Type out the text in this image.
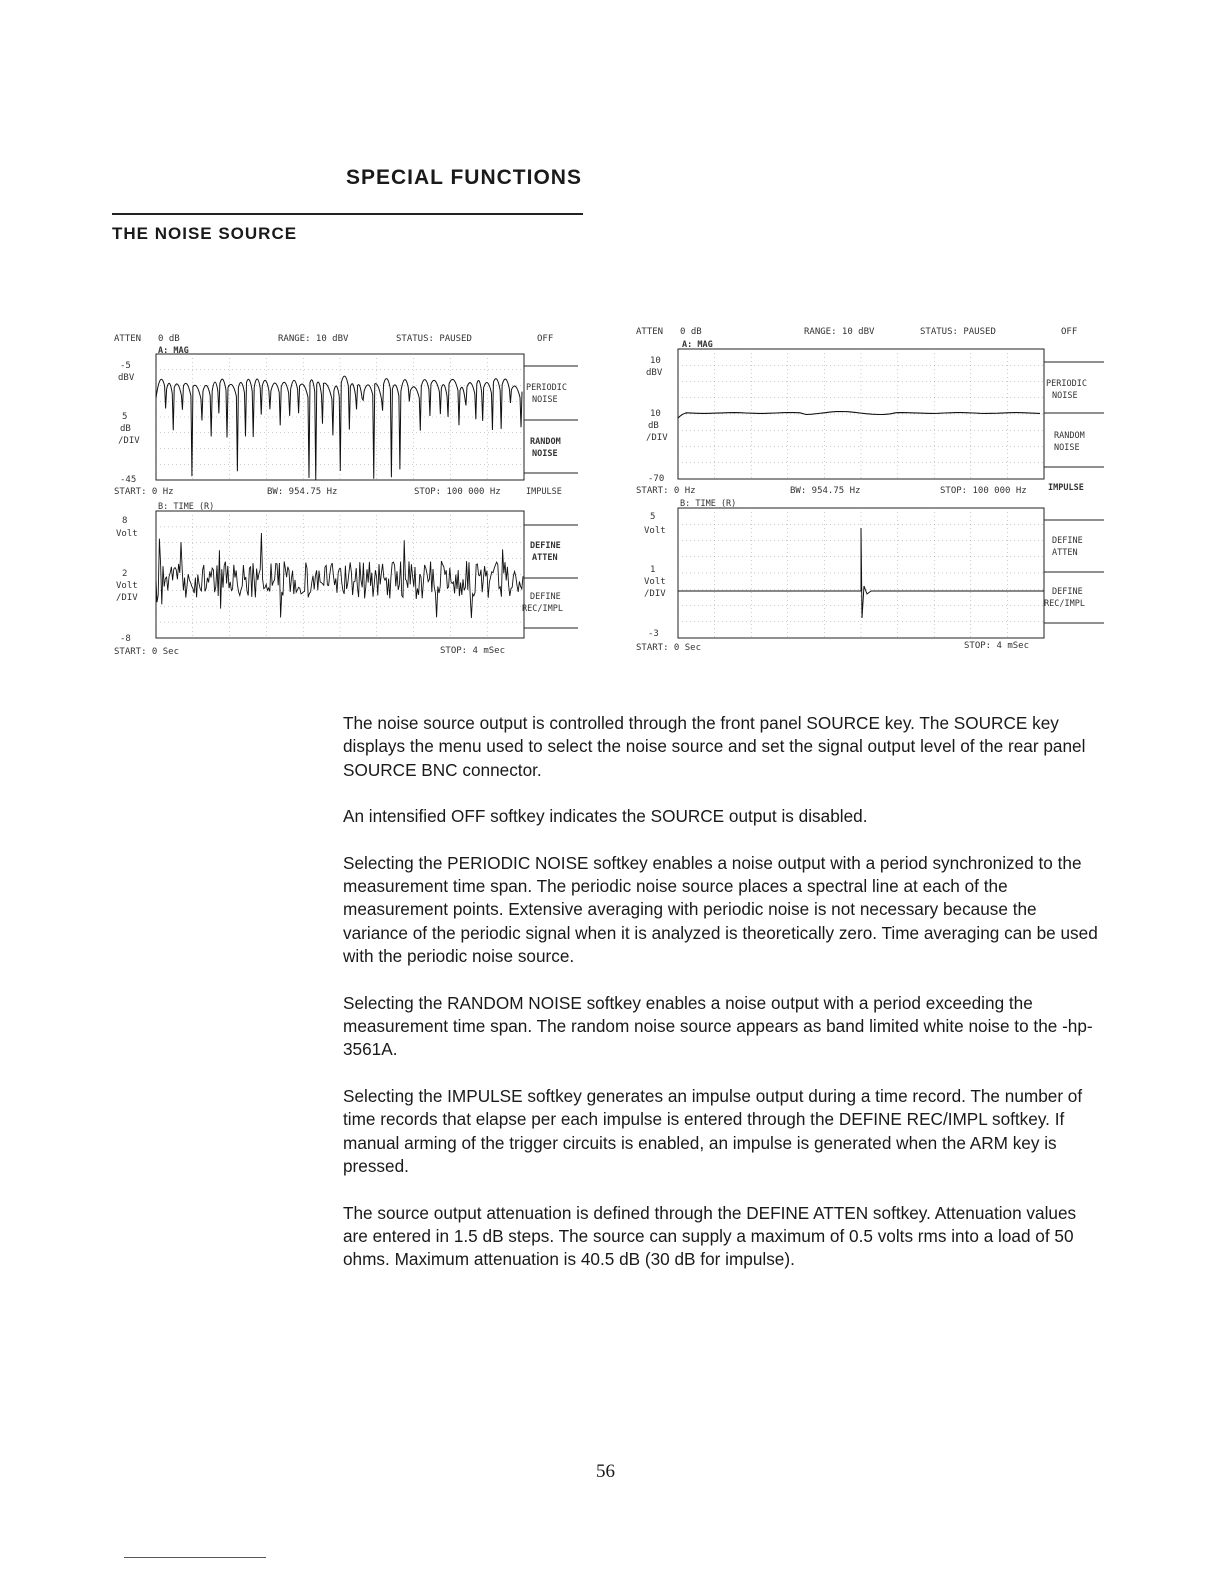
SPECIAL FUNCTIONS
THE NOISE SOURCE
ATTEN 0 dB	RANGE: 10 dBV	STATUS: PAUSED	OFF
A: MAG
-5
dBV
5
dB
/DIV
-45
START: 0 Hz	BW: 954.75 Hz	STOP: 100 000 Hz
B: TIME (R)
8
Volt
2
Volt
/DIV
-8
START: 0 Sec	STOP: 4 mSec
PERIODIC
NOISE
RANDOM
NOISE
IMPULSE
DEFINE
ATTEN
DEFINE
REC/IMPL
ATTEN 0 dB	RANGE: 10 dBV	STATUS: PAUSED	OFF
A: MAG
10
dBV
10
dB
/DIV
-70
START: 0 Hz	BW: 954.75 Hz	STOP: 100 000 Hz
B: TIME (R)
5
Volt
1
Volt
/DIV
-3
START: 0 Sec	STOP: 4 mSec
PERIODIC
NOISE
RANDOM
NOISE
IMPULSE
DEFINE
ATTEN
DEFINE
REC/IMPL

The noise source output is controlled through the front panel SOURCE key. The SOURCE key displays the menu used to select the noise source and set the signal output level of the rear panel SOURCE BNC connector.

An intensified OFF softkey indicates the SOURCE output is disabled.

Selecting the PERIODIC NOISE softkey enables a noise output with a period synchronized to the measurement time span. The periodic noise source places a spectral line at each of the measurement points. Extensive averaging with periodic noise is not necessary because the variance of the periodic signal when it is analyzed is theoretically zero. Time averaging can be used with the periodic noise source.

Selecting the RANDOM NOISE softkey enables a noise output with a period exceeding the measurement time span. The random noise source appears as band limited white noise to the -hp-3561A.

Selecting the IMPULSE softkey generates an impulse output during a time record. The number of time records that elapse per each impulse is entered through the DEFINE REC/IMPL softkey. If manual arming of the trigger circuits is enabled, an impulse is generated when the ARM key is pressed.

The source output attenuation is defined through the DEFINE ATTEN softkey. Attenuation values are entered in 1.5 dB steps. The source can supply a maximum of 0.5 volts rms into a load of 50 ohms. Maximum attenuation is 40.5 dB (30 dB for impulse).

56
